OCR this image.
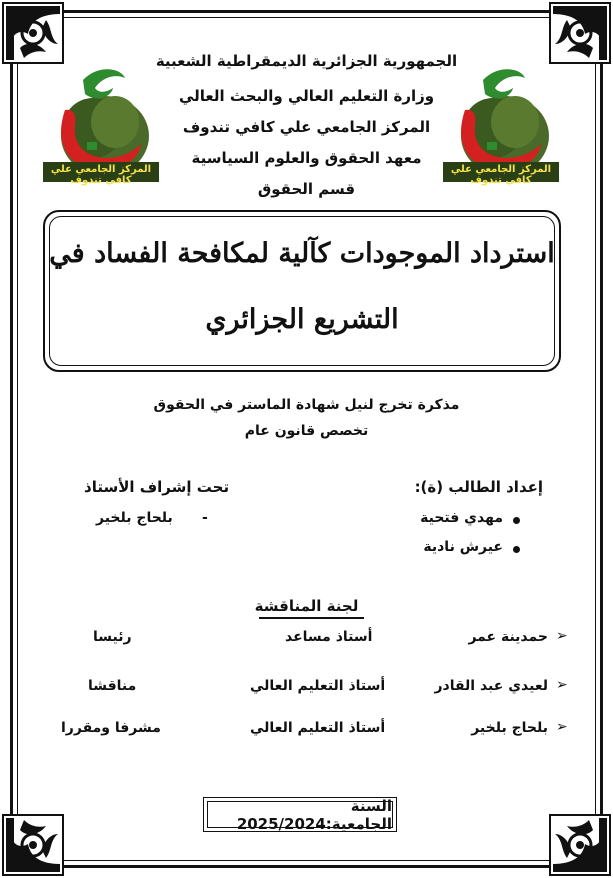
المركز الجامعي علي كافي تندوف
المركز الجامعي علي كافي تندوف
الجمهورية الجزائرية الديمقراطية الشعبية
وزارة التعليم العالي والبحث العالي
المركز الجامعي علي كافي تندوف
معهد الحقوق والعلوم السياسية
قسم الحقوق
استرداد الموجودات كآلية لمكافحة الفساد في
التشريع الجزائري
مذكرة تخرج لنيل شهادة الماستر في الحقوق
تخصص قانون عام
إعداد الطالب (ة):
مهدي فتحية
عيرش نادية
تحت إشراف الأستاذ
-
بلحاج بلخير
لجنة المناقشة
➢
حمدينة عمر
أستاذ مساعد
رئيسا
➢
لعيدي عبد القادر
أستاذ التعليم العالي
مناقشا
➢
بلحاج بلخير
أستاذ التعليم العالي
مشرفا ومقررا
السنة الجامعية:2025/2024
